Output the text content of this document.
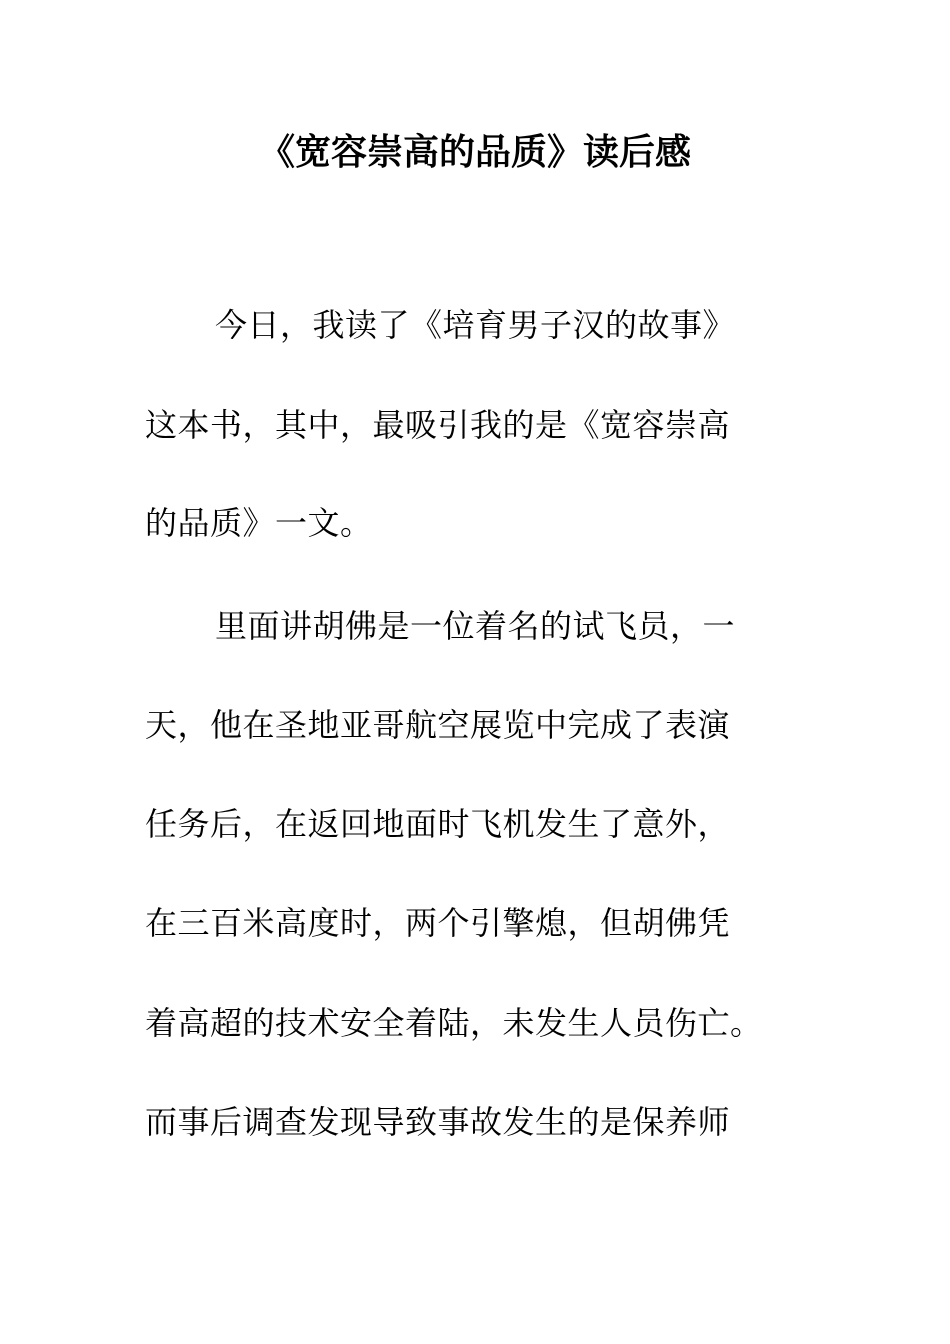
《宽容崇高的品质》读后感
今日，我读了《培育男子汉的故事》
这本书，其中，最吸引我的是《宽容崇高
的品质》一文。
里面讲胡佛是一位着名的试飞员，一
天，他在圣地亚哥航空展览中完成了表演
任务后，在返回地面时飞机发生了意外，
在三百米高度时，两个引擎熄，但胡佛凭
着高超的技术安全着陆，未发生人员伤亡。
而事后调查发现导致事故发生的是保养师
